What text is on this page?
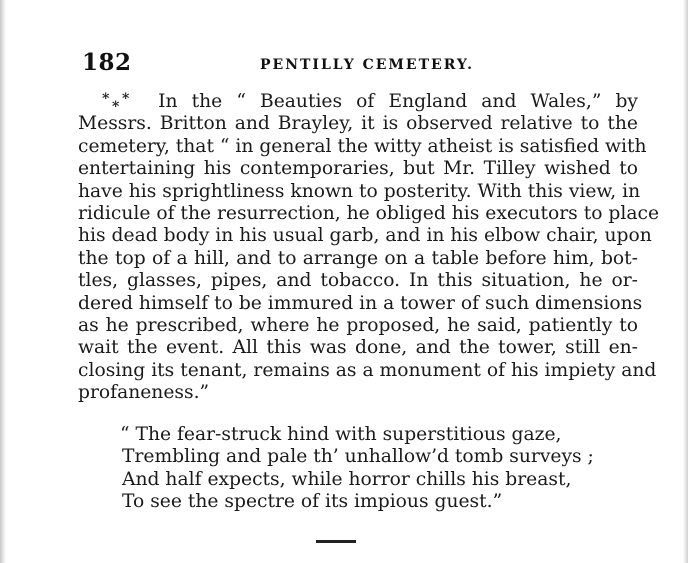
182	PENTILLY CEMETERY.
* * * In the “ Beauties of England and Wales,” by
Messrs. Britton and Brayley, it is observed relative to the
cemetery, that “ in general the witty atheist is satisfied with
entertaining his contemporaries, but Mr. Tilley wished to
have his sprightliness known to posterity. With this view, in
ridicule of the resurrection, he obliged his executors to place
his dead body in his usual garb, and in his elbow chair, upon
the top of a hill, and to arrange on a table before him, bot-
tles, glasses, pipes, and tobacco. In this situation, he or-
dered himself to be immured in a tower of such dimensions
as he prescribed, where he proposed, he said, patiently to
wait the event. All this was done, and the tower, still en-
closing its tenant, remains as a monument of his impiety and
profaneness.”
“ The fear-struck hind with superstitious gaze,
Trembling and pale th’ unhallow’d tomb surveys ;
And half expects, while horror chills his breast,
To see the spectre of its impious guest.”
